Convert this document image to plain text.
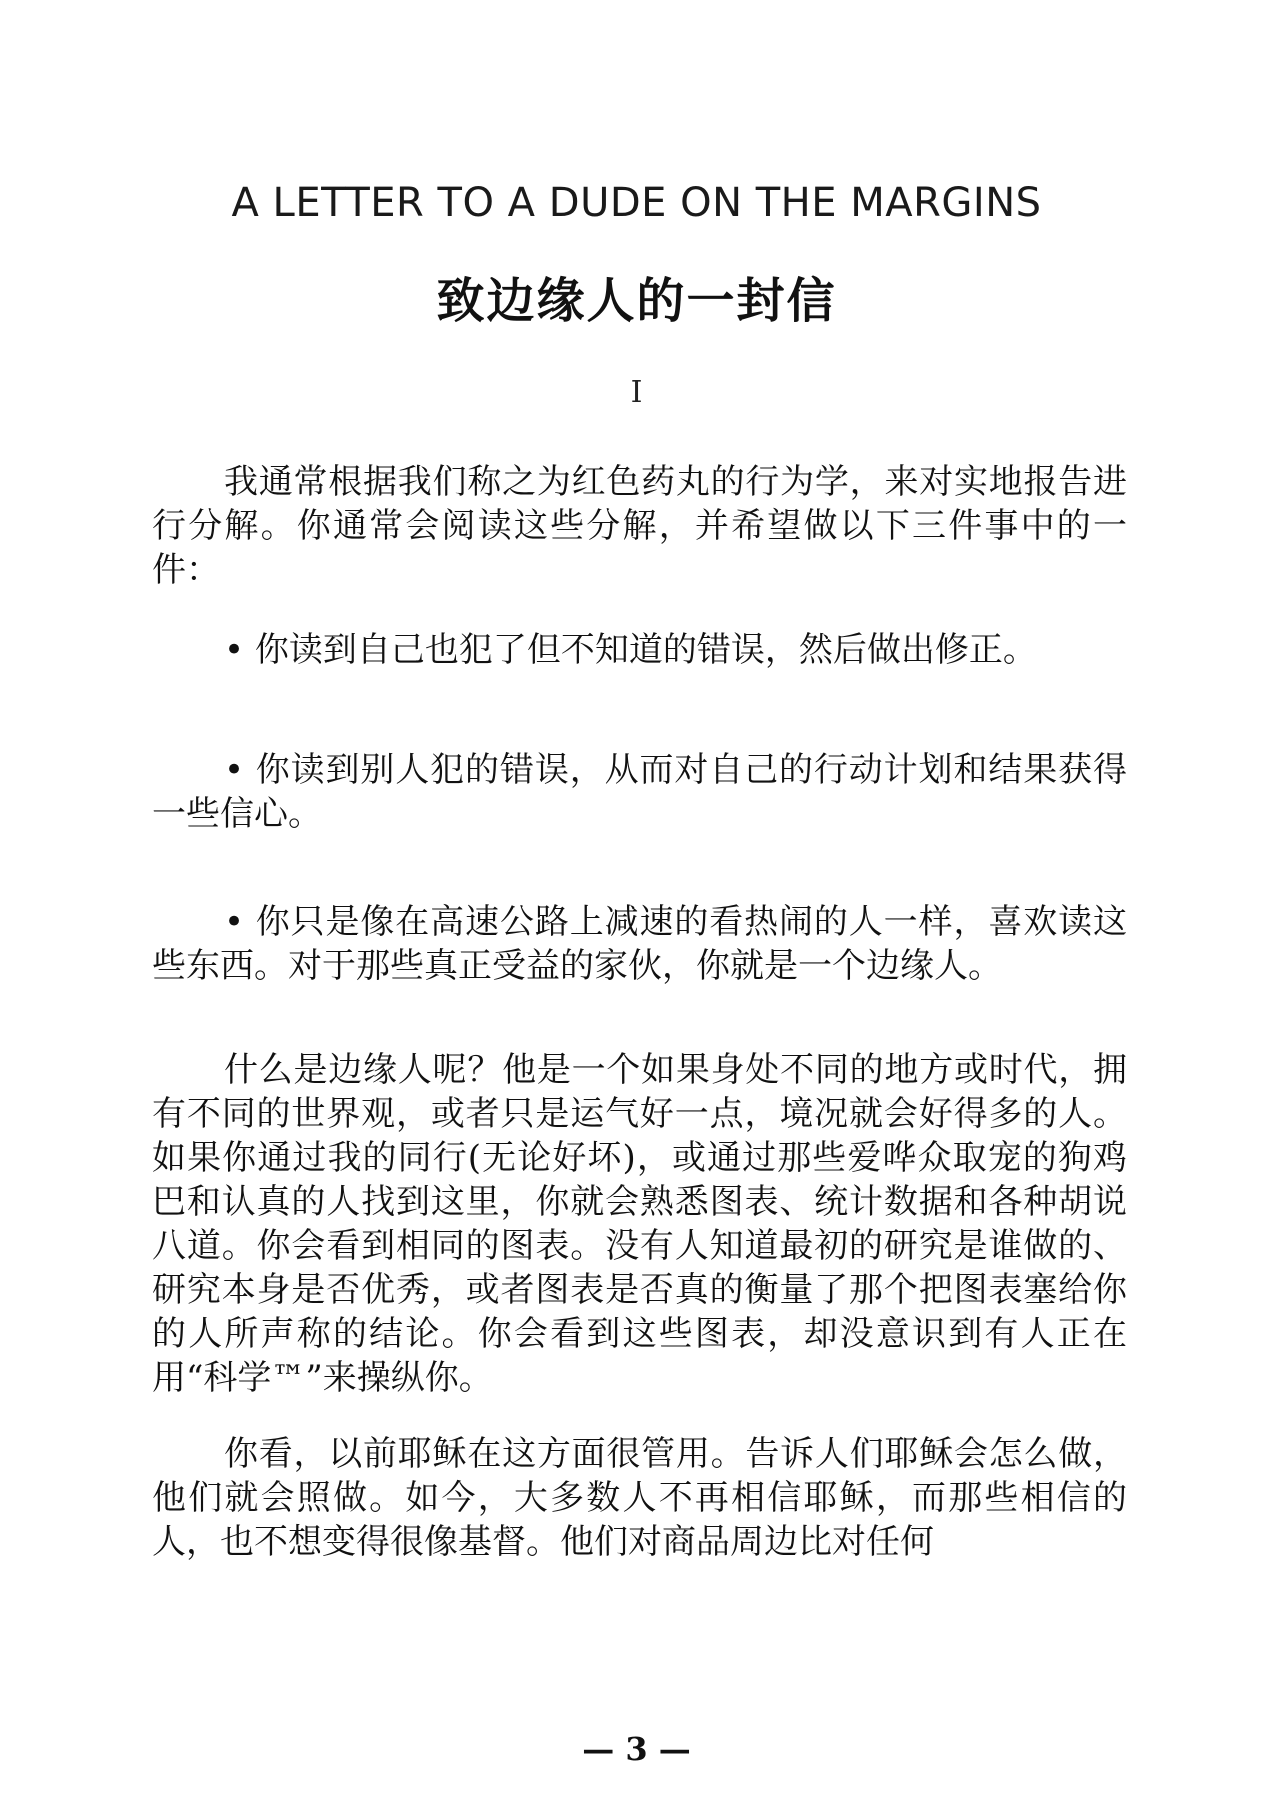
A LETTER TO A DUDE ON THE MARGINS
致边缘人的一封信
I

我通常根据我们称之为红色药丸的行为学，来对实地报告进行分解。你通常会阅读这些分解，并希望做以下三件事中的一件：

• 你读到自己也犯了但不知道的错误，然后做出修正。

• 你读到别人犯的错误，从而对自己的行动计划和结果获得一些信心。

• 你只是像在高速公路上减速的看热闹的人一样，喜欢读这些东西。对于那些真正受益的家伙，你就是一个边缘人。

什么是边缘人呢？他是一个如果身处不同的地方或时代，拥有不同的世界观，或者只是运气好一点，境况就会好得多的人。如果你通过我的同行(无论好坏)，或通过那些爱哗众取宠的狗鸡巴和认真的人找到这里，你就会熟悉图表、统计数据和各种胡说八道。你会看到相同的图表。没有人知道最初的研究是谁做的、研究本身是否优秀，或者图表是否真的衡量了那个把图表塞给你的人所声称的结论。你会看到这些图表，却没意识到有人正在用“科学™”来操纵你。

你看，以前耶稣在这方面很管用。告诉人们耶稣会怎么做，他们就会照做。如今，大多数人不再相信耶稣，而那些相信的人，也不想变得很像基督。他们对商品周边比对任何

— 3 —
